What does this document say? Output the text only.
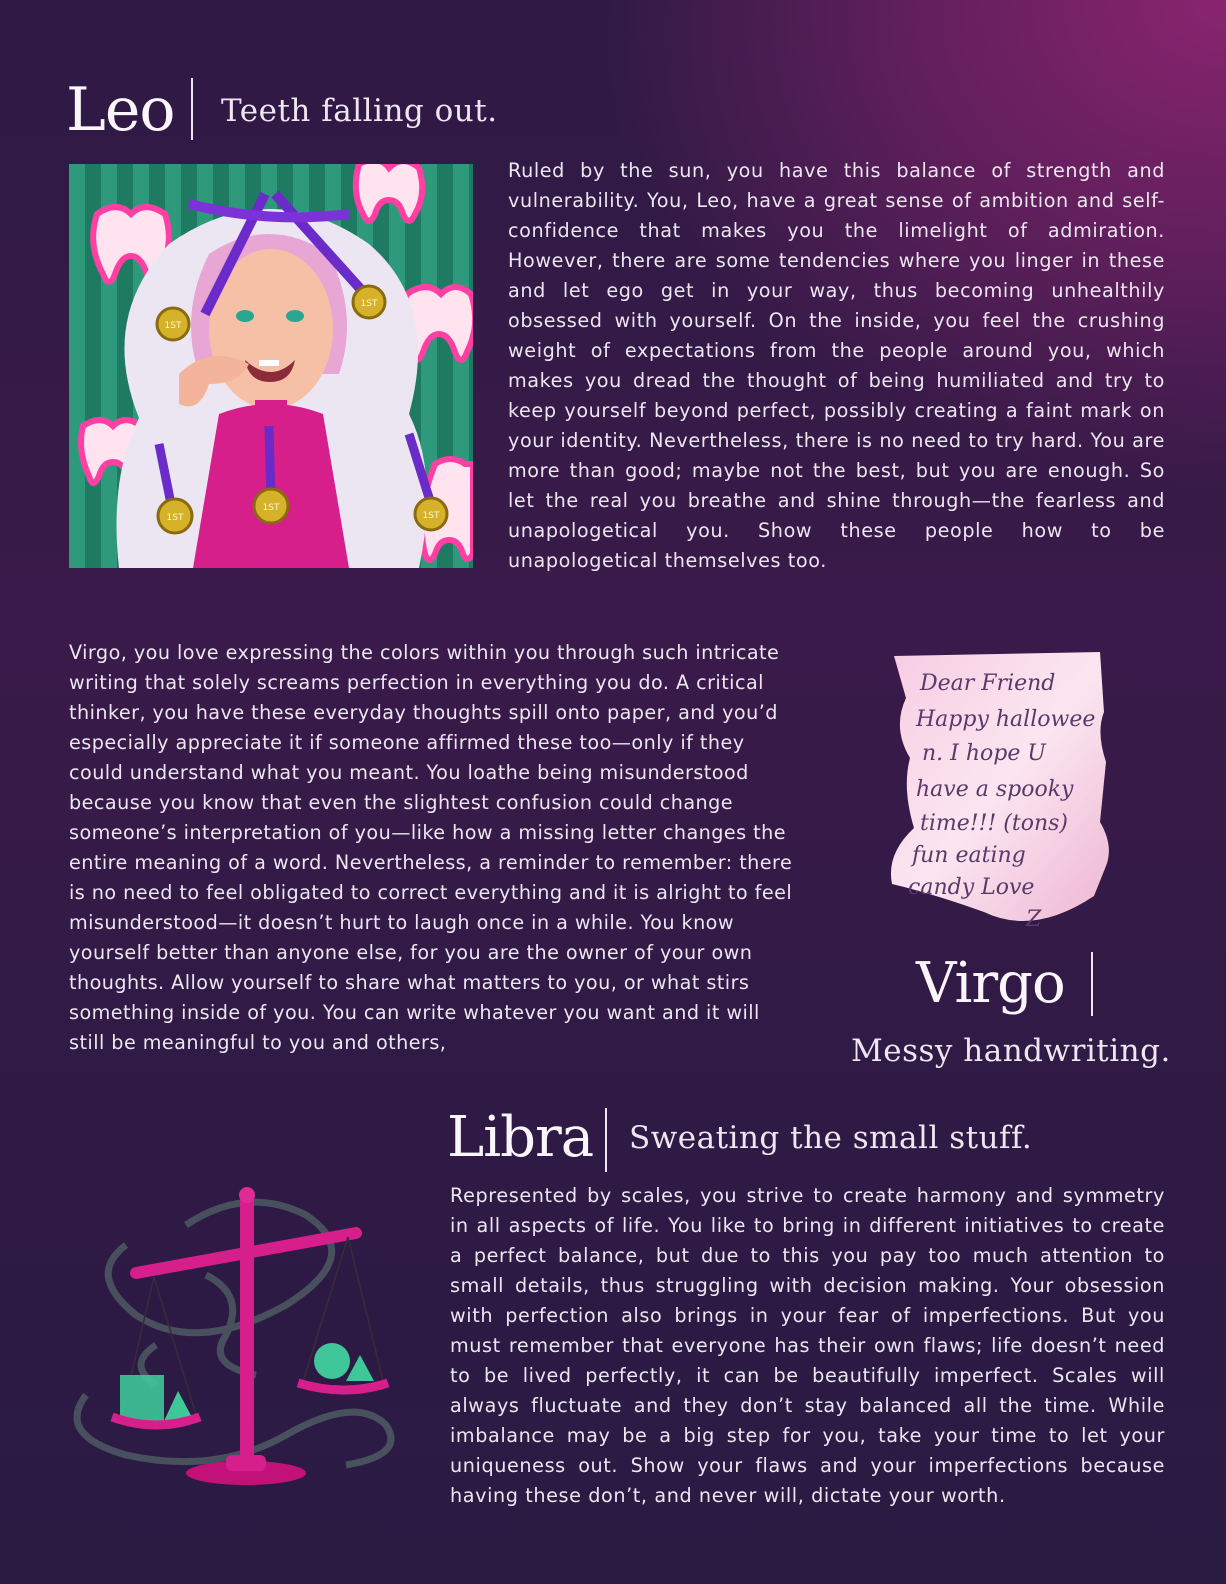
Leo Teeth falling out.
1ST
1ST
1ST
1ST
1ST
Ruled by the sun, you have this balance of strength and vulnerability. You, Leo, have a great sense of ambition and self-confidence that makes you the limelight of admiration. However, there are some tendencies where you linger in these and let ego get in your way, thus becoming unhealthily obsessed with yourself. On the inside, you feel the crushing weight of expectations from the people around you, which makes you dread the thought of being humiliated and try to keep yourself beyond perfect, possibly creating a faint mark on your identity. Nevertheless, there is no need to try hard. You are more than good; maybe not the best, but you are enough. So let the real you breathe and shine through—the fearless and unapologetical you. Show these people how to be unapologetical themselves too.
Virgo, you love expressing the colors within you through such intricate writing that solely screams perfection in everything you do. A critical thinker, you have these everyday thoughts spill onto paper, and you’d especially appreciate it if someone affirmed these too—only if they could understand what you meant. You loathe being misunderstood because you know that even the slightest confusion could change someone’s interpretation of you—like how a missing letter changes the entire meaning of a word. Nevertheless, a reminder to remember: there is no need to feel obligated to correct everything and it is alright to feel misunderstood—it doesn’t hurt to laugh once in a while. You know yourself better than anyone else, for you are the owner of your own thoughts. Allow yourself to share what matters to you, or what stirs something inside of you. You can write whatever you want and it will still be meaningful to you and others,
Dear Friend
Happy hallowee
n. I hope U
have a spooky
time!!! (tons)
fun eating
candy Love
Z
Virgo
Messy handwriting.
Libra Sweating the small stuff.
Represented by scales, you strive to create harmony and symmetry in all aspects of life. You like to bring in different initiatives to create a perfect balance, but due to this you pay too much attention to small details, thus struggling with decision making. Your obsession with perfection also brings in your fear of imperfections. But you must remember that everyone has their own flaws; life doesn’t need to be lived perfectly, it can be beautifully imperfect. Scales will always fluctuate and they don’t stay balanced all the time. While imbalance may be a big step for you, take your time to let your uniqueness out. Show your flaws and your imperfections because having these don’t, and never will, dictate your worth.
